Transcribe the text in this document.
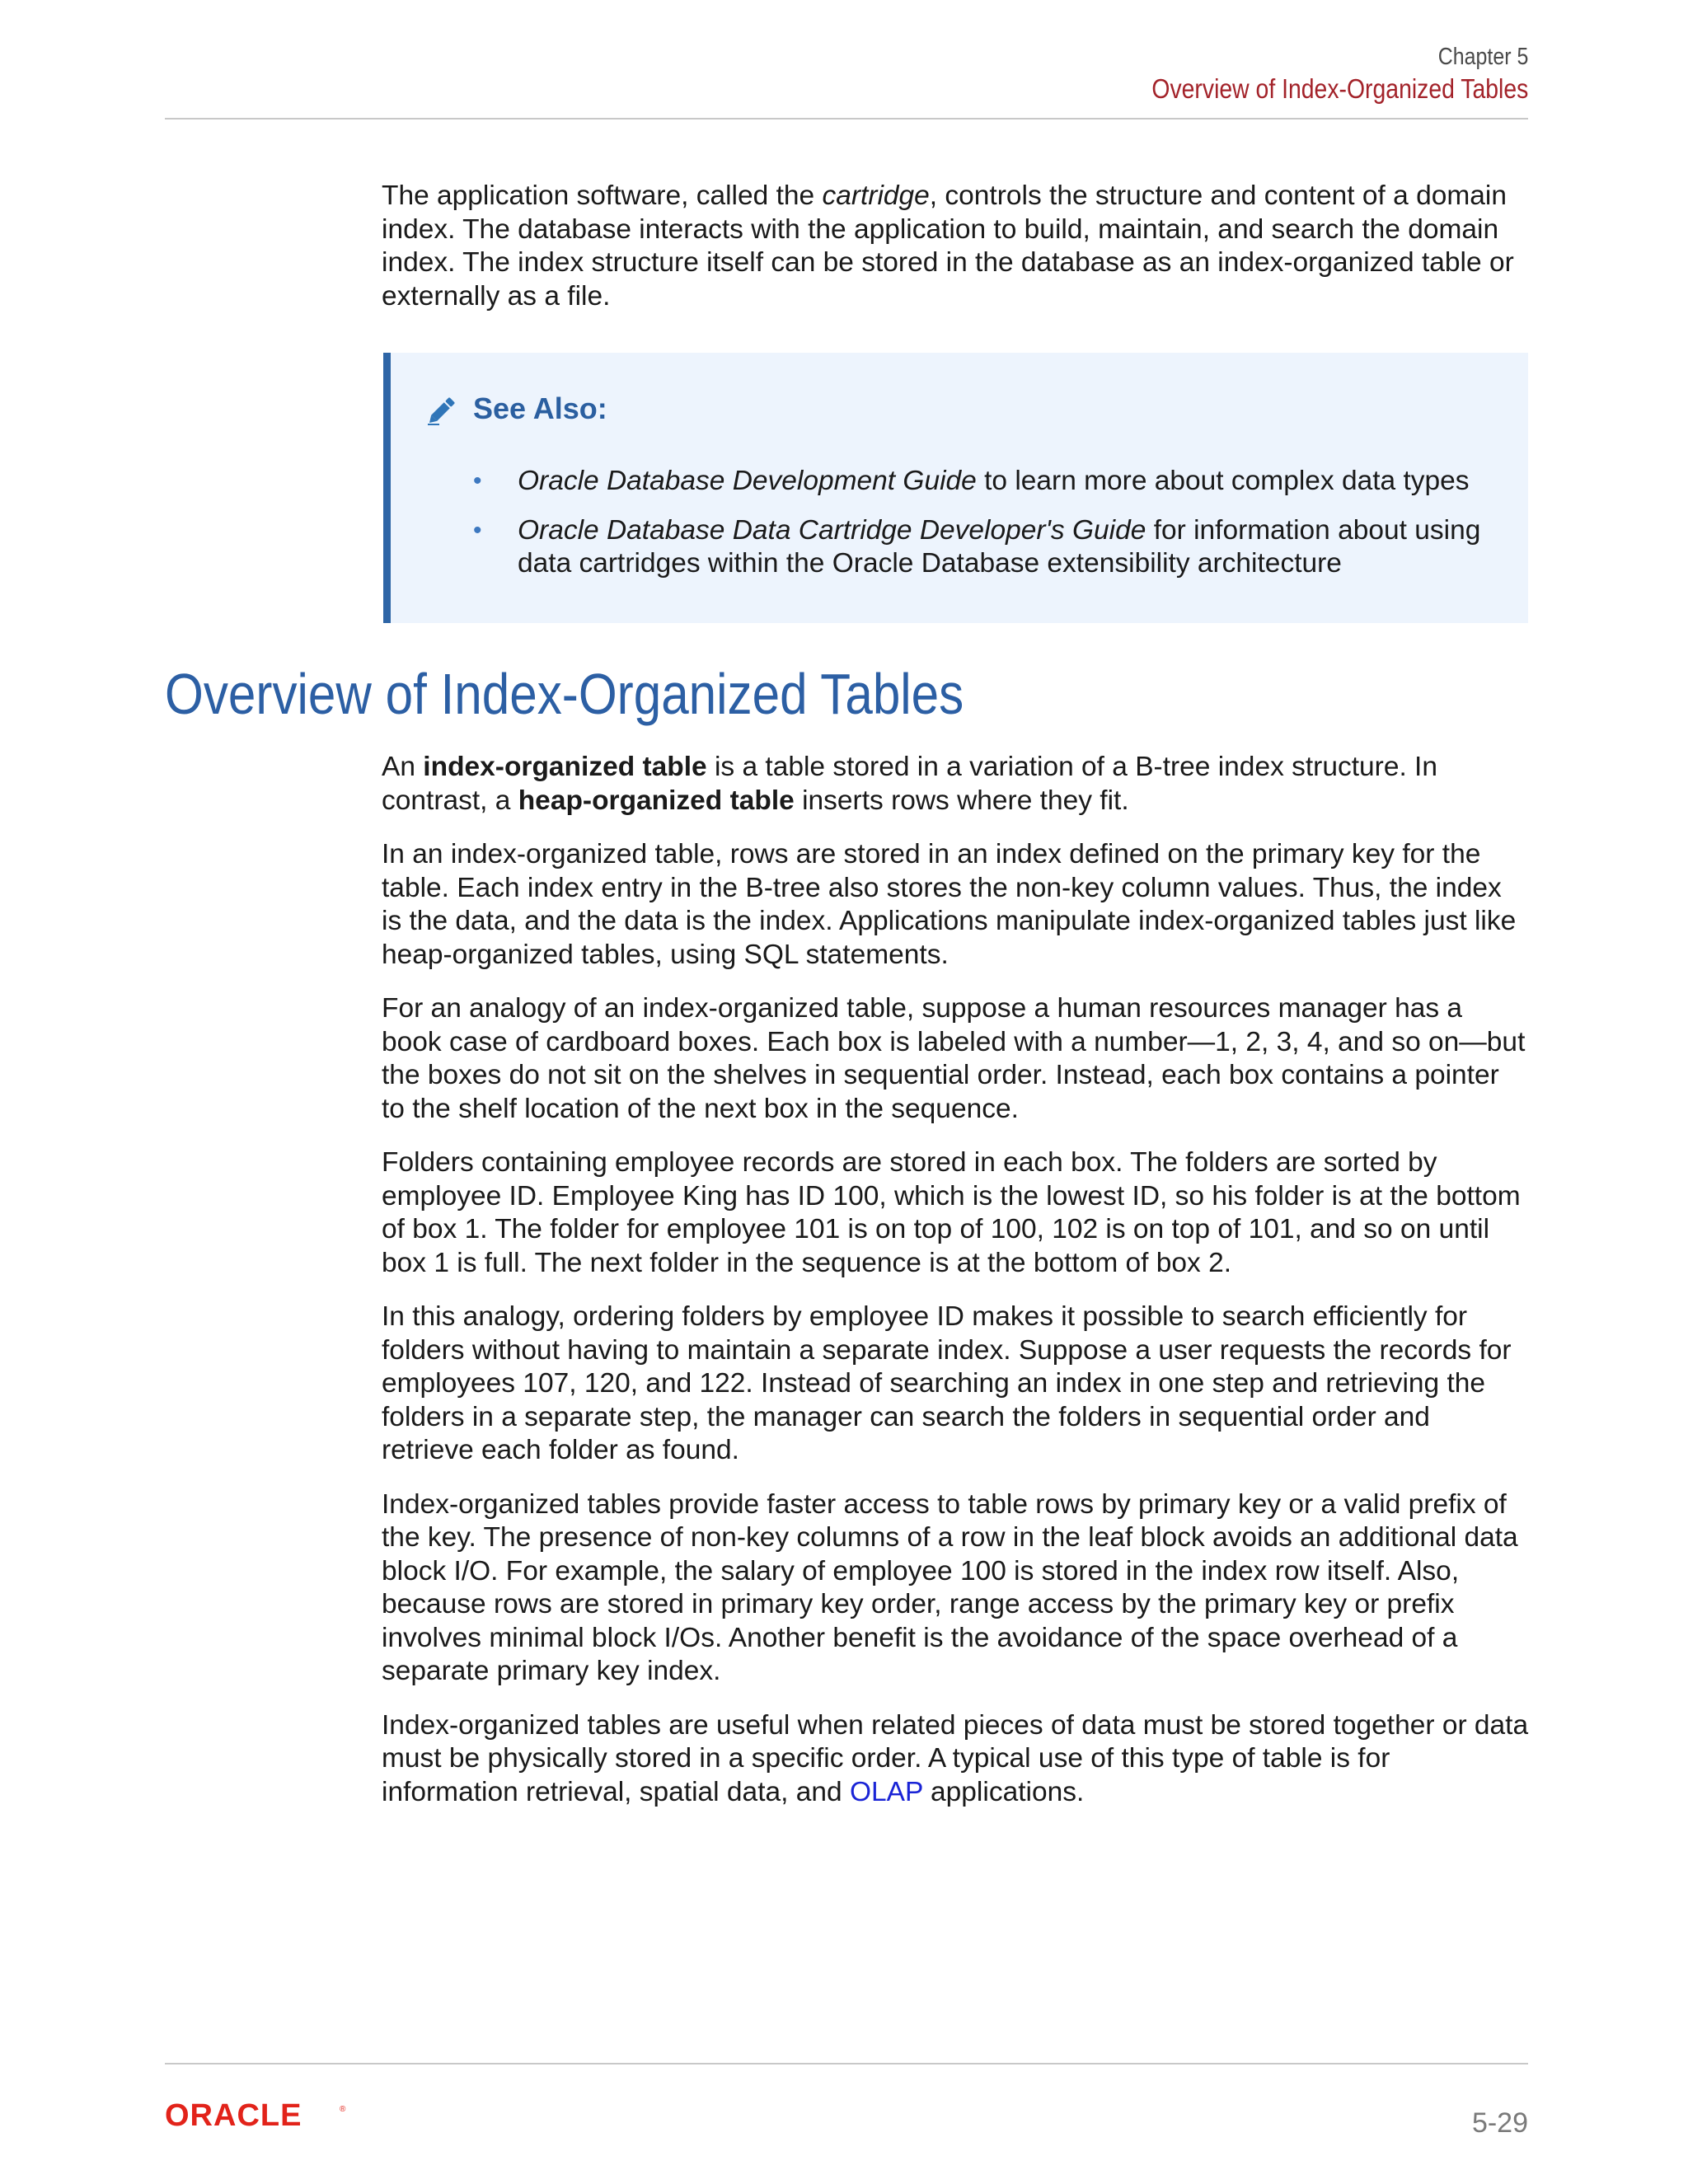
Chapter 5
Overview of Index-Organized Tables

The application software, called the cartridge, controls the structure and content of a domain index. The database interacts with the application to build, maintain, and search the domain index. The index structure itself can be stored in the database as an index-organized table or externally as a file.

See Also:
• Oracle Database Development Guide to learn more about complex data types
• Oracle Database Data Cartridge Developer's Guide for information about using data cartridges within the Oracle Database extensibility architecture
Overview of Index-Organized Tables

An index-organized table is a table stored in a variation of a B-tree index structure. In contrast, a heap-organized table inserts rows where they fit.

In an index-organized table, rows are stored in an index defined on the primary key for the table. Each index entry in the B-tree also stores the non-key column values. Thus, the index is the data, and the data is the index. Applications manipulate index-organized tables just like heap-organized tables, using SQL statements.

For an analogy of an index-organized table, suppose a human resources manager has a book case of cardboard boxes. Each box is labeled with a number—1, 2, 3, 4, and so on—but the boxes do not sit on the shelves in sequential order. Instead, each box contains a pointer to the shelf location of the next box in the sequence.

Folders containing employee records are stored in each box. The folders are sorted by employee ID. Employee King has ID 100, which is the lowest ID, so his folder is at the bottom of box 1. The folder for employee 101 is on top of 100, 102 is on top of 101, and so on until box 1 is full. The next folder in the sequence is at the bottom of box 2.

In this analogy, ordering folders by employee ID makes it possible to search efficiently for folders without having to maintain a separate index. Suppose a user requests the records for employees 107, 120, and 122. Instead of searching an index in one step and retrieving the folders in a separate step, the manager can search the folders in sequential order and retrieve each folder as found.

Index-organized tables provide faster access to table rows by primary key or a valid prefix of the key. The presence of non-key columns of a row in the leaf block avoids an additional data block I/O. For example, the salary of employee 100 is stored in the index row itself. Also, because rows are stored in primary key order, range access by the primary key or prefix involves minimal block I/Os. Another benefit is the avoidance of the space overhead of a separate primary key index.

Index-organized tables are useful when related pieces of data must be stored together or data must be physically stored in a specific order. A typical use of this type of table is for information retrieval, spatial data, and OLAP applications.

ORACLE	®	5-29
